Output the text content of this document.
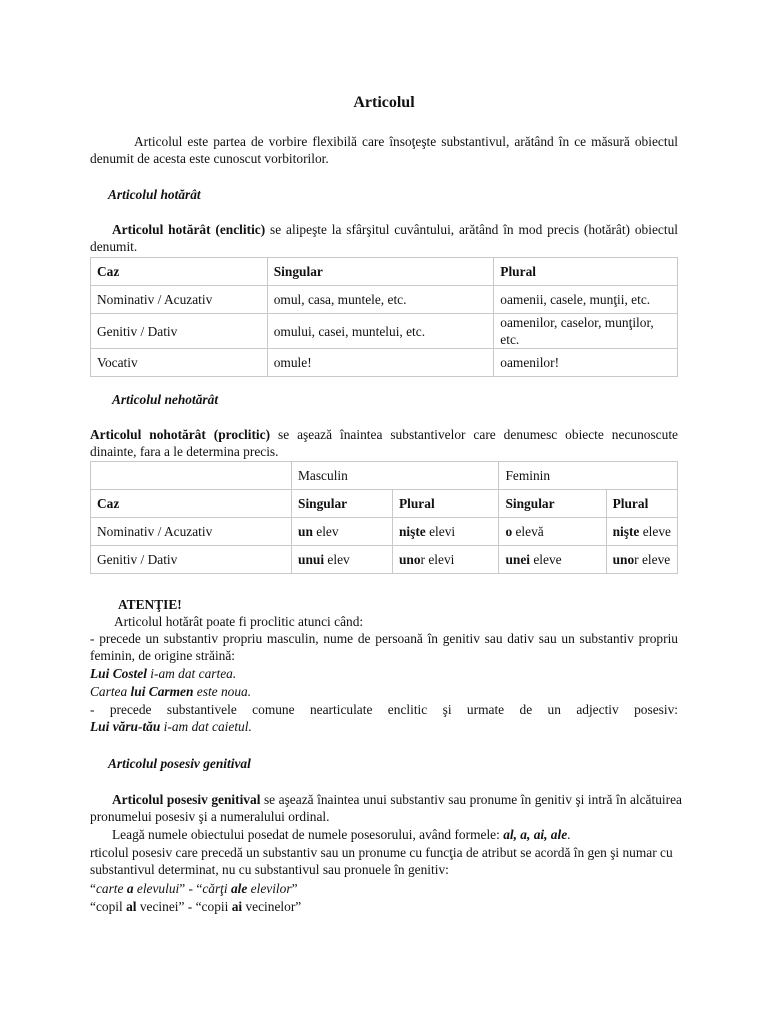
Articolul
Articolul este partea de vorbire flexibilă care însoţeşte substantivul, arătând în ce măsură obiectul denumit de acesta este cunoscut vorbitorilor.
Articolul hotărât
Articolul hotărât (enclitic) se alipeşte la sfârşitul cuvântului, arătând în mod precis (hotărât) obiectul denumit.
Caz	Singular	Plural
Nominativ / Acuzativ	omul, casa, muntele, etc.	oamenii, casele, munţii, etc.
Genitiv / Dativ	omului, casei, muntelui, etc.	oamenilor, caselor, munţilor, etc.
Vocativ	omule!	oamenilor!
Articolul nehotărât
Articolul nohotărât (proclitic) se aşează înaintea substantivelor care denumesc obiecte necunoscute dinainte, fara a le determina precis.
	Masculin		Feminin	
Caz	Singular	Plural	Singular	Plural
Nominativ / Acuzativ	un elev	nişte elevi	o elevă	nişte eleve
Genitiv / Dativ	unui elev	unor elevi	unei eleve	unor eleve
ATENŢIE!
Articolul hotărât poate fi proclitic atunci când:
- precede un substantiv propriu masculin, nume de persoană în genitiv sau dativ sau un substantiv propriu feminin, de origine străină:
Lui Costel i-am dat cartea.
Cartea lui Carmen este noua.
- precede substantivele comune nearticulate enclitic şi urmate de un adjectiv posesiv:
Lui văru-tău i-am dat caietul.
Articolul posesiv genitival
Articolul posesiv genitival se aşează înaintea unui substantiv sau pronume în genitiv şi intră în alcătuirea pronumelui posesiv şi a numeralului ordinal.
Leagă numele obiectului posedat de numele posesorului, având formele: al, a, ai, ale.
rticolul posesiv care precedă un substantiv sau un pronume cu funcţia de atribut se acordă în gen şi numar cu substantivul determinat, nu cu substantivul sau pronuele în genitiv:
“carte a elevului” - “cărţi ale elevilor”
“copil al vecinei” - “copii ai vecinelor”
